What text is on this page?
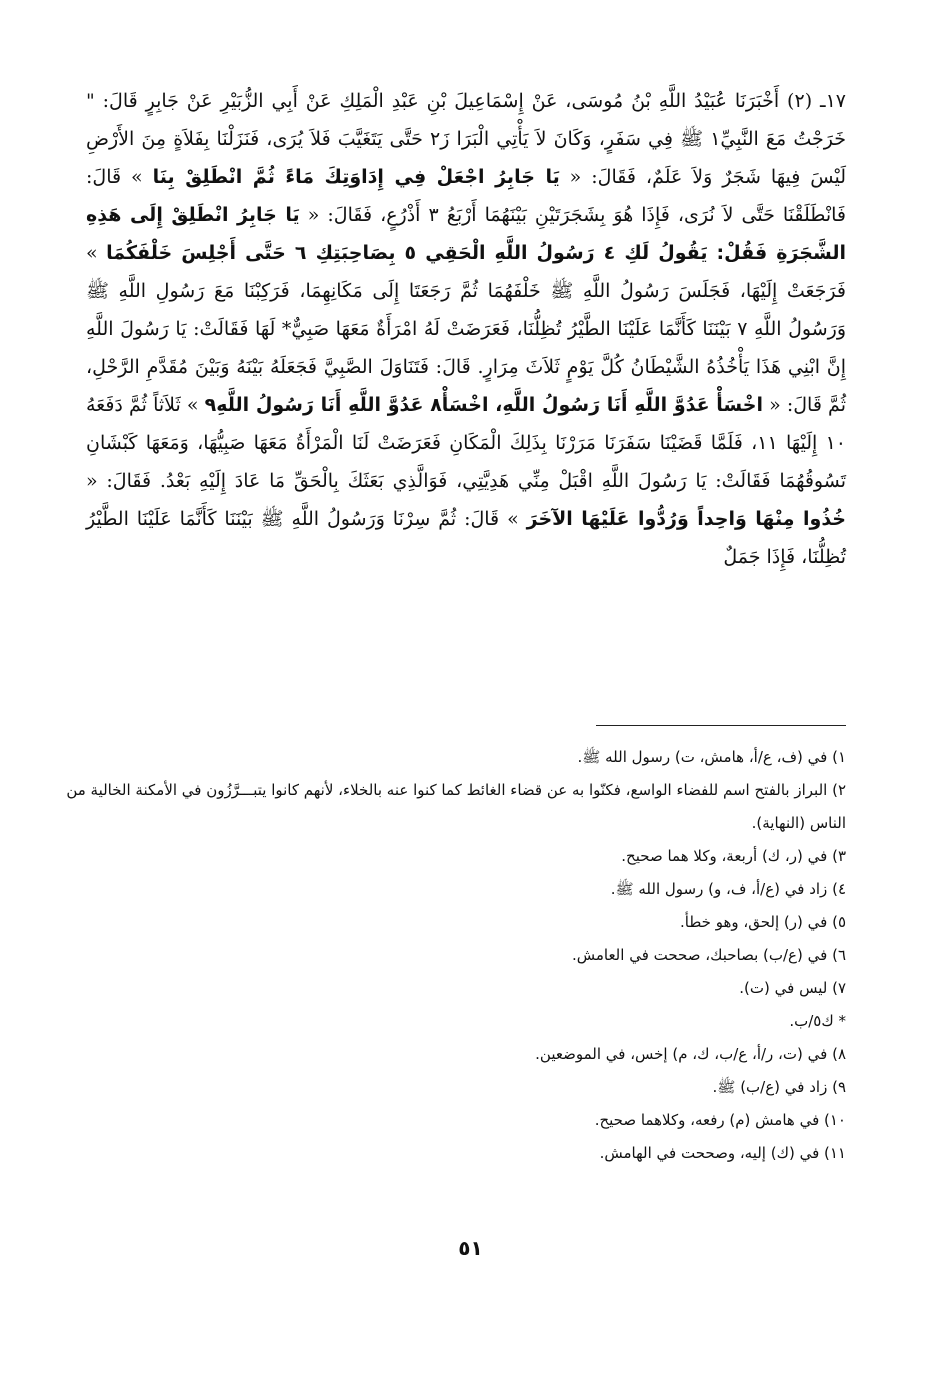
١٧ـ (٢) أَخْبَرَنَا عُبَيْدُ اللَّهِ بْنُ مُوسَى، عَنْ إِسْمَاعِيلَ بْنِ عَبْدِ الْمَلِكِ عَنْ أَبِي الزُّبَيْرِ عَنْ جَابِرٍ قَالَ: " خَرَجْتُ مَعَ النَّبِيِّ١ ﷺ فِي سَفَرٍ، وَكَانَ لاَ يَأْتِي الْبَرَا زَ٢ حَتَّى يَتَغَيَّبَ فَلاَ يُرَى، فَنَزَلْنَا بِفَلاَةٍ مِنَ الأَرْضِ لَيْسَ فِيهَا شَجَرٌ وَلاَ عَلَمٌ، فَقَالَ: « يَا جَابِرُ اجْعَلْ فِي إِدَاوَتِكَ مَاءً ثُمَّ انْطَلِقْ بِنَا » قَالَ: فَانْطَلَقْنَا حَتَّى لاَ نُرَى، فَإِذَا هُوَ بِشَجَرَتَيْنِ بَيْنَهُمَا أَرْبَعُ ٣ أَذْرُعٍ، فَقَالَ: « يَا جَابِرُ انْطَلِقْ إِلَى هَذِهِ الشَّجَرَةِ فَقُلْ: يَقُولُ لَكِ ٤ رَسُولُ اللَّهِ الْحَقِي ٥ بِصَاحِبَتِكِ ٦ حَتَّى أَجْلِسَ خَلْفَكُمَا » فَرَجَعَتْ إِلَيْهَا، فَجَلَسَ رَسُولُ اللَّهِ ﷺ خَلْفَهُمَا ثُمَّ رَجَعَتَا إِلَى مَكَانِهِمَا، فَرَكِبْنَا مَعَ رَسُولِ اللَّهِ ﷺ وَرَسُولُ اللَّهِ ٧ بَيْنَنَا كَأَنَّمَا عَلَيْنَا الطَّيْرُ تُظِلُّنَا، فَعَرَضَتْ لَهُ امْرَأَةٌ مَعَهَا صَبِيٌّ* لَهَا فَقَالَتْ: يَا رَسُولَ اللَّهِ إِنَّ ابْنِي هَذَا يَأْخُذُهُ الشَّيْطَانُ كُلَّ يَوْمٍ ثَلاَثَ مِرَارٍ. قَالَ: فَتَنَاوَلَ الصَّبِيَّ فَجَعَلَهُ بَيْنَهُ وَبَيْنَ مُقَدَّمِ الرَّحْلِ، ثُمَّ قَالَ: « اخْسَأْ عَدُوَّ اللَّهِ أَنَا رَسُولُ اللَّهِ، اخْسَأْ٨ عَدُوَّ اللَّهِ أَنَا رَسُولُ اللَّهِ٩ » ثَلاَثاً ثُمَّ دَفَعَهُ ١٠ إِلَيْهَا ١١، فَلَمَّا قَضَيْنَا سَفَرَنَا مَرَرْنَا بِذَلِكَ الْمَكَانِ فَعَرَضَتْ لَنَا الْمَرْأَةُ مَعَهَا صَبِيُّهَا، وَمَعَهَا كَبْشَانِ تَسُوقُهُمَا فَقَالَتْ: يَا رَسُولَ اللَّهِ اقْبَلْ مِنِّي هَدِيَّتِي، فَوَالَّذِي بَعَثَكَ بِالْحَقِّ مَا عَادَ إِلَيْهِ بَعْدُ. فَقَالَ: « خُذُوا مِنْهَا وَاحِداً وَرُدُّوا عَلَيْهَا الآخَرَ » قَالَ: ثُمَّ سِرْنَا وَرَسُولُ اللَّهِ ﷺ بَيْنَنَا كَأَنَّمَا عَلَيْنَا الطَّيْرُ تُظِلُّنَا، فَإِذَا جَمَلٌ

١) في (ف، ع/أ، هامش، ت) رسول الله ﷺ.
٢) البراز بالفتح اسم للفضاء الواسع، فكنّوا به عن قضاء الغائط كما كنوا عنه بالخلاء، لأنهم كانوا يتبـــرَّزُون في الأمكنة الخالية من الناس (النهاية).
٣) في (ر، ك) أربعة، وكلا هما صحيح.
٤) زاد في (ع/أ، ف، و) رسول الله ﷺ.
٥) في (ر) إلحق، وهو خطأ.
٦) في (ع/ب) بصاحبك، صححت في العامش.
٧) ليس في (ت).
* ك٥/ب.
٨) في (ت، ر/أ، ع/ب، ك، م) إخس، في الموضعين.
٩) زاد في (ع/ب) ﷺ.
١٠) في هامش (م) رفعه، وكلاهما صحيح.
١١) في (ك) إليه، وصححت في الهامش.
٥١
